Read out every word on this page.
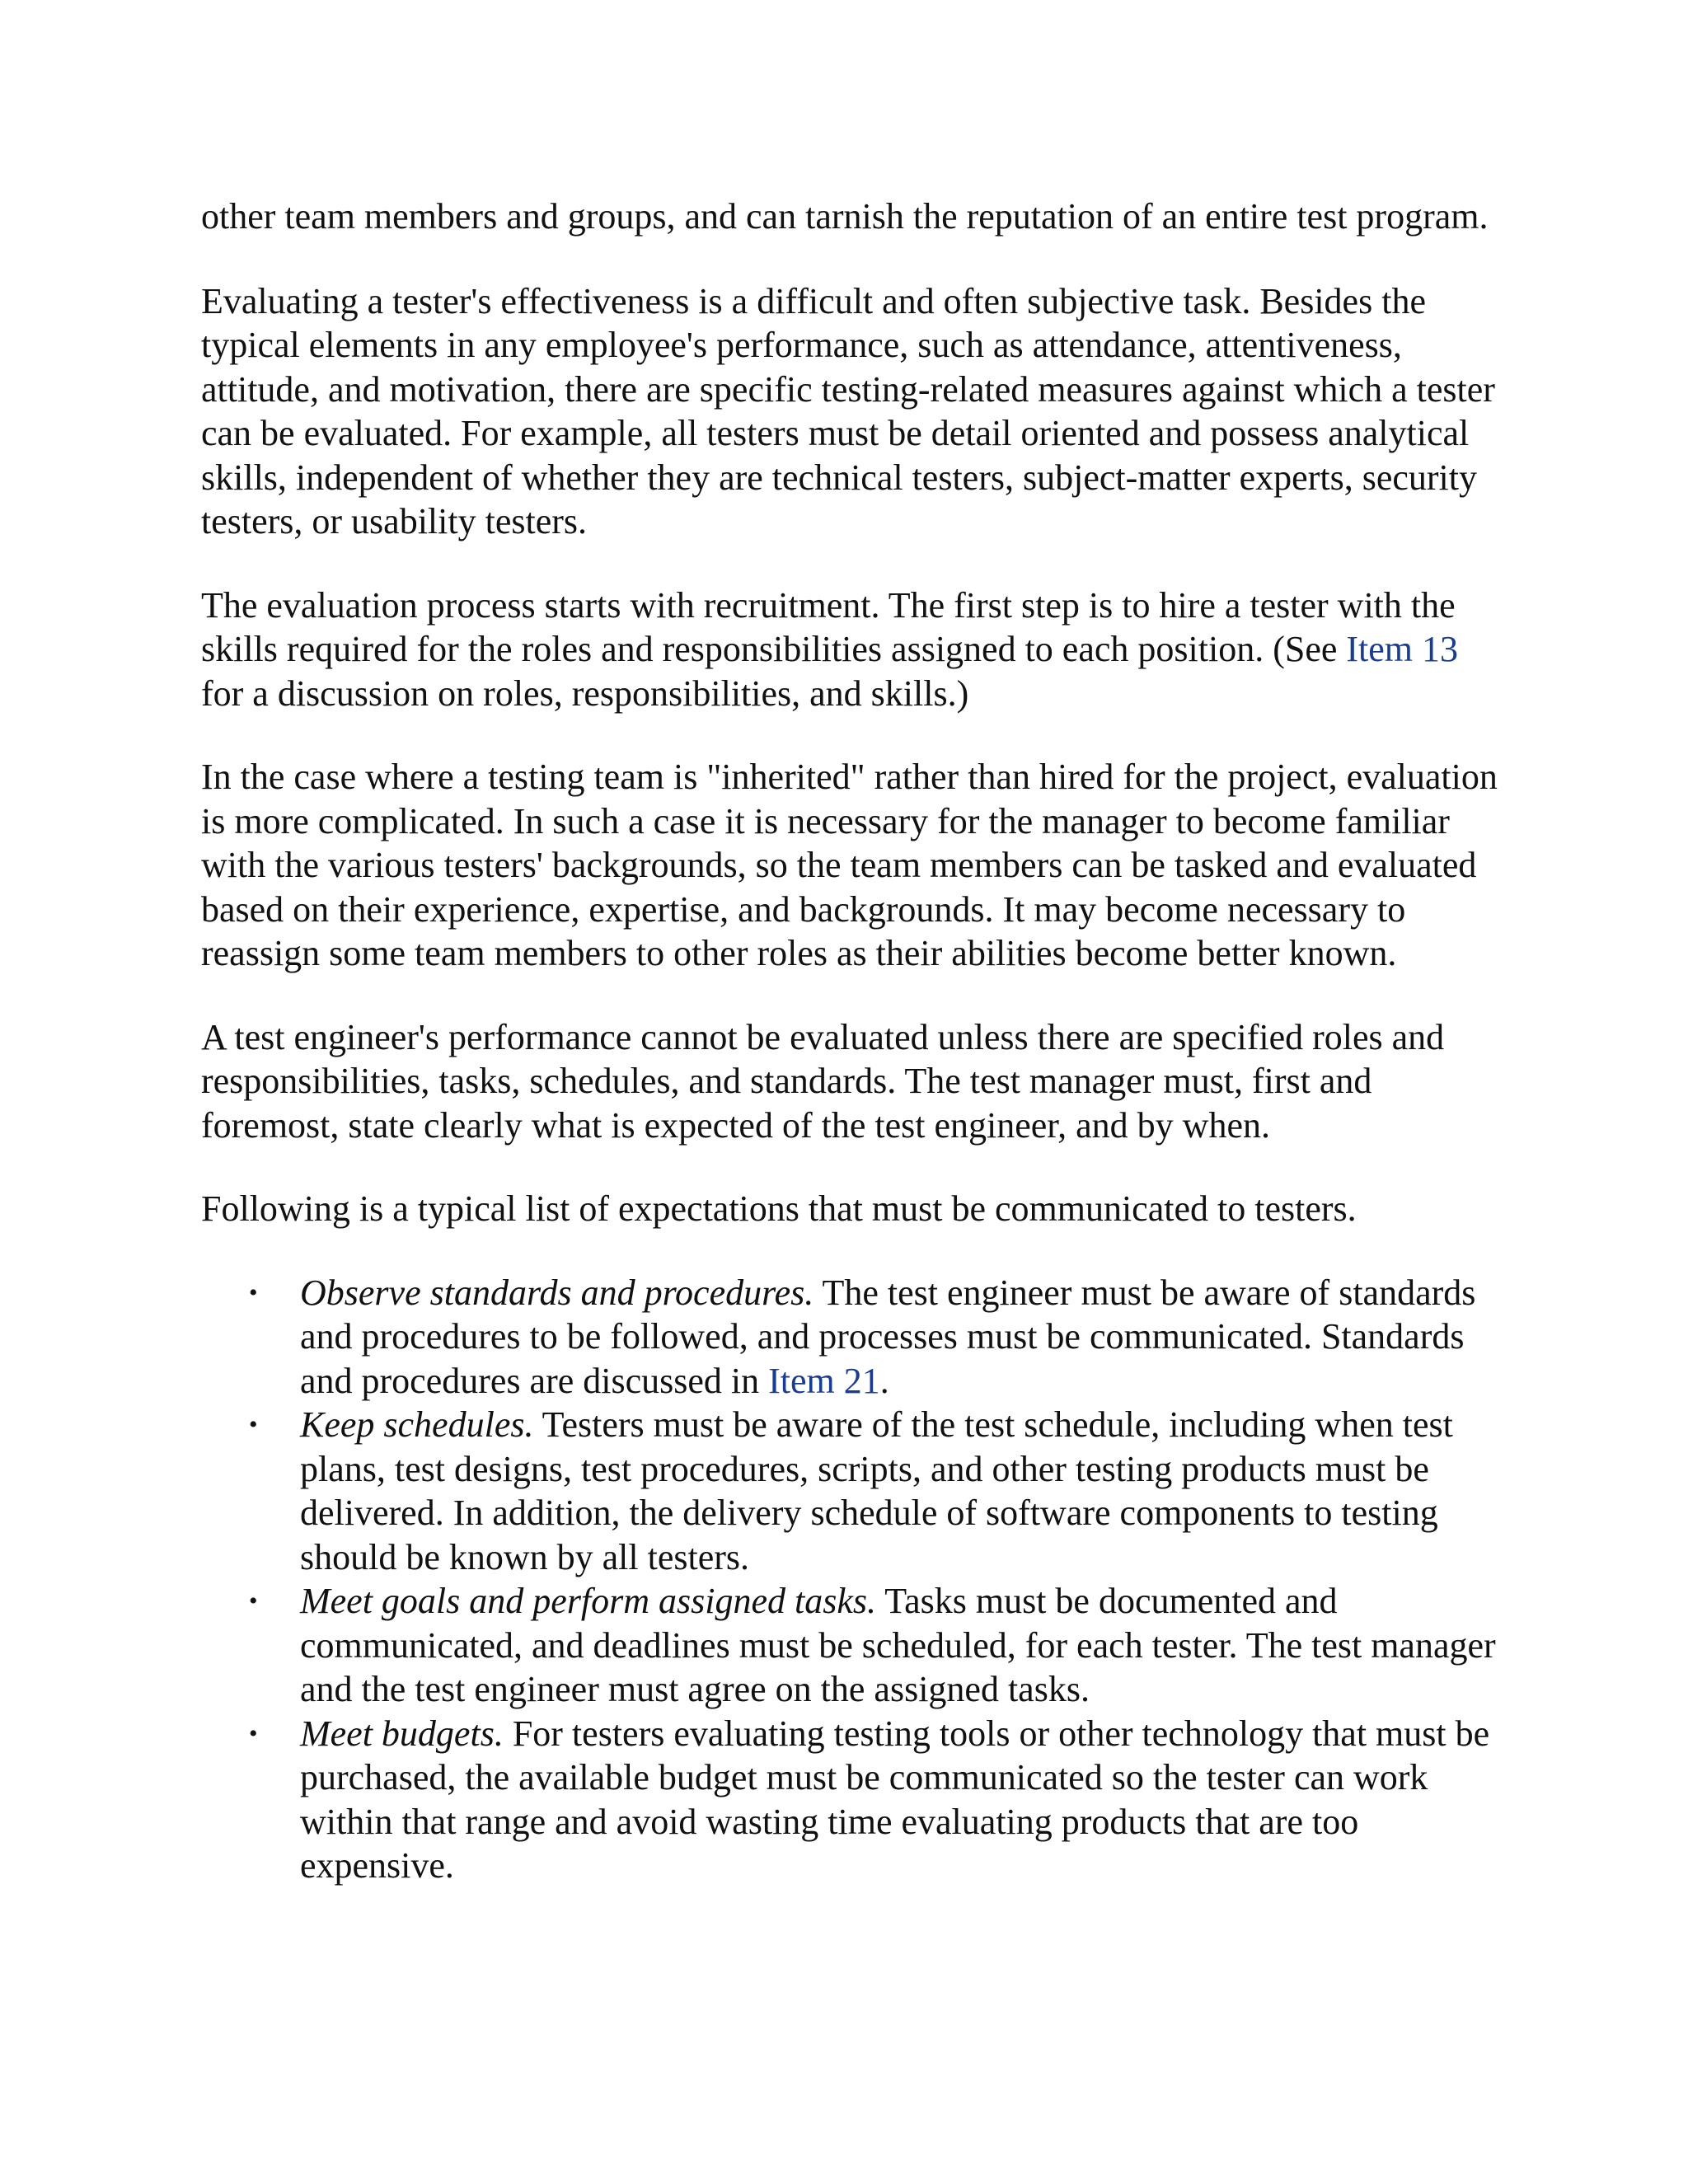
other team members and groups, and can tarnish the reputation of an entire test program.

Evaluating a tester's effectiveness is a difficult and often subjective task. Besides the typical elements in any employee's performance, such as attendance, attentiveness, attitude, and motivation, there are specific testing-related measures against which a tester can be evaluated. For example, all testers must be detail oriented and possess analytical skills, independent of whether they are technical testers, subject-matter experts, security testers, or usability testers.

The evaluation process starts with recruitment. The first step is to hire a tester with the skills required for the roles and responsibilities assigned to each position. (See Item 13 for a discussion on roles, responsibilities, and skills.)

In the case where a testing team is "inherited" rather than hired for the project, evaluation is more complicated. In such a case it is necessary for the manager to become familiar with the various testers' backgrounds, so the team members can be tasked and evaluated based on their experience, expertise, and backgrounds. It may become necessary to reassign some team members to other roles as their abilities become better known.

A test engineer's performance cannot be evaluated unless there are specified roles and responsibilities, tasks, schedules, and standards. The test manager must, first and foremost, state clearly what is expected of the test engineer, and by when.

Following is a typical list of expectations that must be communicated to testers.

• Observe standards and procedures. The test engineer must be aware of standards and procedures to be followed, and processes must be communicated. Standards and procedures are discussed in Item 21.
• Keep schedules. Testers must be aware of the test schedule, including when test plans, test designs, test procedures, scripts, and other testing products must be delivered. In addition, the delivery schedule of software components to testing should be known by all testers.
• Meet goals and perform assigned tasks. Tasks must be documented and communicated, and deadlines must be scheduled, for each tester. The test manager and the test engineer must agree on the assigned tasks.
• Meet budgets. For testers evaluating testing tools or other technology that must be purchased, the available budget must be communicated so the tester can work within that range and avoid wasting time evaluating products that are too expensive.
